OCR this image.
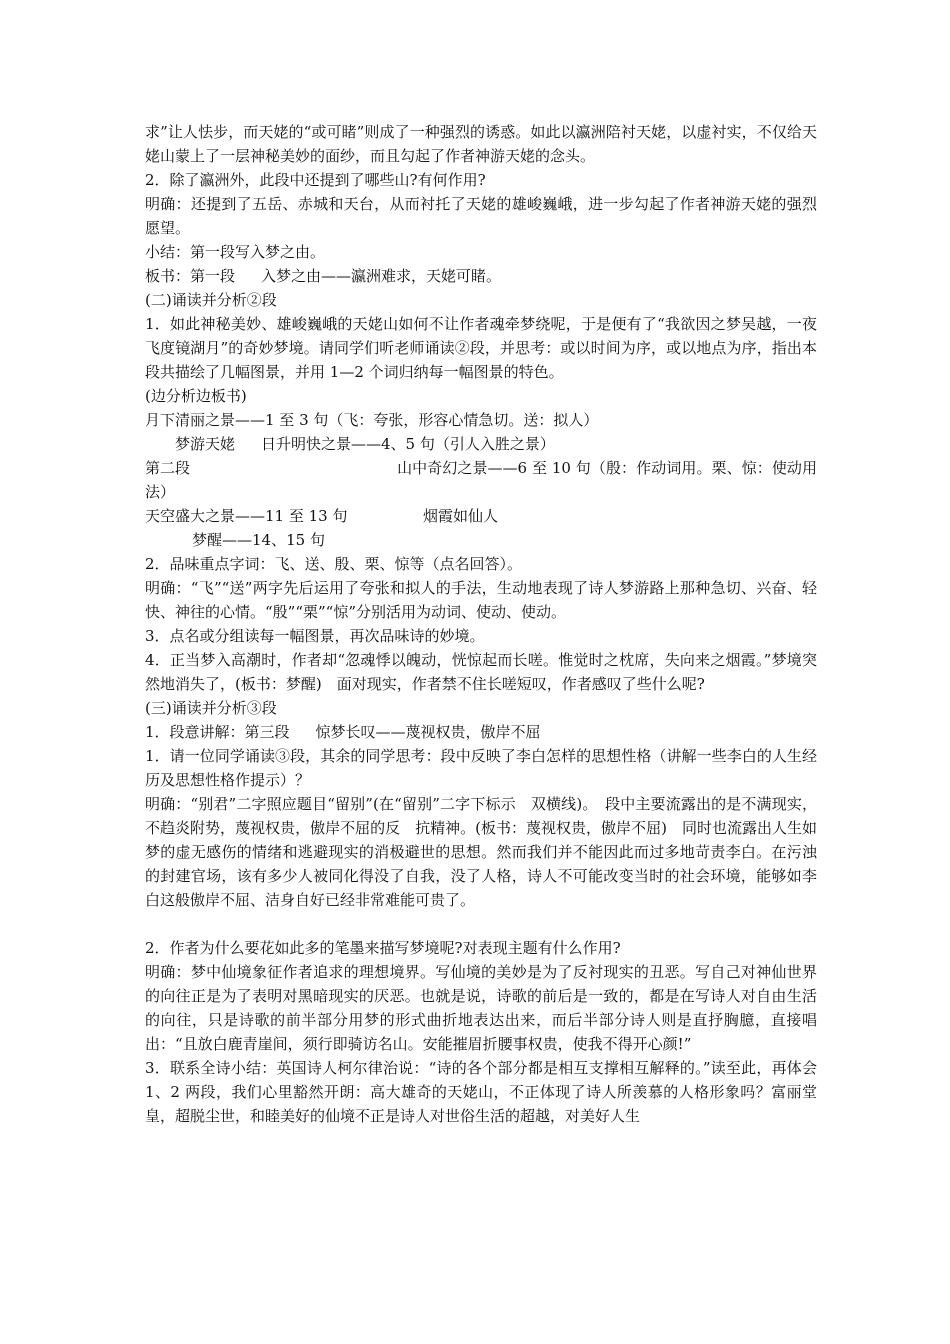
求”让人怯步，而天姥的“或可睹”则成了一种强烈的诱惑。如此以瀛洲陪衬天姥，以虚衬实，不仅给天姥山蒙上了一层神秘美妙的面纱，而且勾起了作者神游天姥的念头。

2．除了瀛洲外，此段中还提到了哪些山?有何作用?

明确：还提到了五岳、赤城和天台，从而衬托了天姥的雄峻巍峨，进一步勾起了作者神游天姥的强烈愿望。

小结：第一段写入梦之由。

板书：第一段 入梦之由——瀛洲难求，天姥可睹。

(二)诵读并分析②段

1．如此神秘美妙、雄峻巍峨的天姥山如何不让作者魂牵梦绕呢，于是便有了“我欲因之梦吴越，一夜飞度镜湖月”的奇妙梦境。请同学们听老师诵读②段，并思考：或以时间为序，或以地点为序，指出本段共描绘了几幅图景，并用 1—2 个词归纳每一幅图景的特色。

(边分析边板书)

月下清丽之景——1 至 3 句（飞：夸张，形容心情急切。送：拟人）

梦游天姥 日升明快之景——4、5 句（引人入胜之景）

第二段	山中奇幻之景——6 至 10 句（殷：作动词用。栗、惊：使动用法）

天空盛大之景——11 至 13 句	烟霞如仙人

梦醒——14、15 句

2．品味重点字词：飞、送、殷、栗、惊等（点名回答）。

明确：“飞”“送”两字先后运用了夸张和拟人的手法，生动地表现了诗人梦游路上那种急切、兴奋、轻快、神往的心情。“殷”“栗”“惊”分别活用为动词、使动、使动。

3．点名或分组读每一幅图景，再次品味诗的妙境。

4．正当梦入高潮时，作者却“忽魂悸以魄动，恍惊起而长嗟。惟觉时之枕席，失向来之烟霞。”梦境突然地消失了，(板书：梦醒)　面对现实，作者禁不住长嗟短叹，作者感叹了些什么呢?

(三)诵读并分析③段

1．段意讲解：第三段 惊梦长叹——蔑视权贵，傲岸不屈

1．请一位同学诵读③段，其余的同学思考：段中反映了李白怎样的思想性格（讲解一些李白的人生经历及思想性格作提示）？

明确：“别君”二字照应题目“留别”(在“留别”二字下标示　双横线)。　段中主要流露出的是不满现实，不趋炎附势，蔑视权贵，傲岸不屈的反　抗精神。(板书：蔑视权贵，傲岸不屈)　同时也流露出人生如梦的虚无感伤的情绪和逃避现实的消极避世的思想。然而我们并不能因此而过多地苛责李白。在污浊的封建官场，该有多少人被同化得没了自我，没了人格，诗人不可能改变当时的社会环境，能够如李白这般傲岸不屈、洁身自好已经非常难能可贵了。

2．作者为什么要花如此多的笔墨来描写梦境呢?对表现主题有什么作用?

明确：梦中仙境象征作者追求的理想境界。写仙境的美妙是为了反衬现实的丑恶。写自己对神仙世界的向往正是为了表明对黑暗现实的厌恶。也就是说，诗歌的前后是一致的，都是在写诗人对自由生活的向往，只是诗歌的前半部分用梦的形式曲折地表达出来，而后半部分诗人则是直抒胸臆，直接唱出：“且放白鹿青崖间，须行即骑访名山。安能摧眉折腰事权贵，使我不得开心颜!”

3．联系全诗小结：英国诗人柯尔律治说：“诗的各个部分都是相互支撑相互解释的。”读至此，再体会 1、2 两段，我们心里豁然开朗：高大雄奇的天姥山，不正体现了诗人所羡慕的人格形象吗？富丽堂皇，超脱尘世，和睦美好的仙境不正是诗人对世俗生活的超越，对美好人生
